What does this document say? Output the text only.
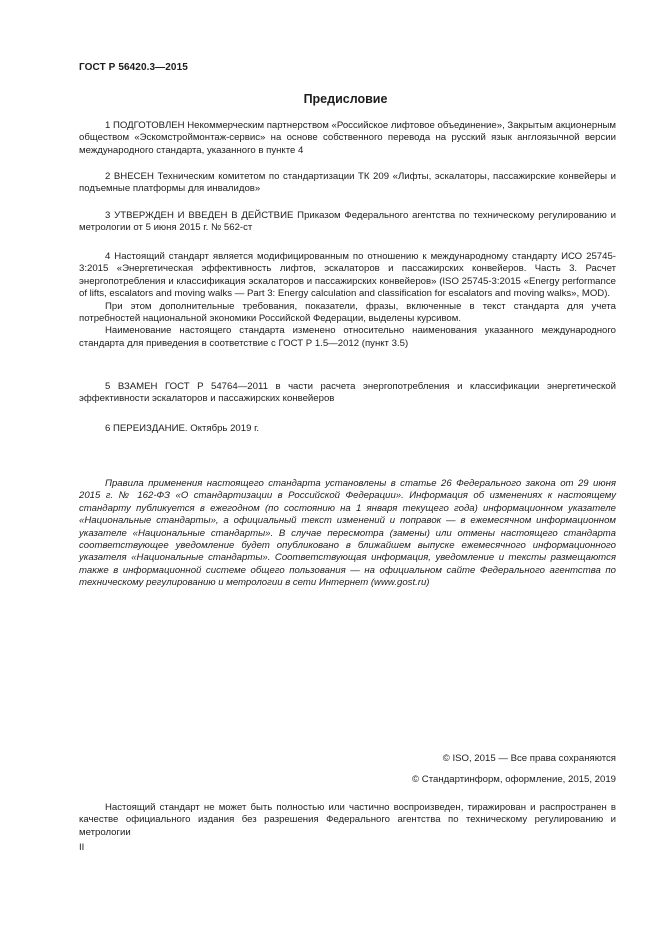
ГОСТ Р 56420.3—2015
Предисловие

1 ПОДГОТОВЛЕН Некоммерческим партнерством «Российское лифтовое объединение», Закрытым акционерным обществом «Эскомстроймонтаж-сервис» на основе собственного перевода на русский язык англоязычной версии международного стандарта, указанного в пункте 4

2 ВНЕСЕН Техническим комитетом по стандартизации ТК 209 «Лифты, эскалаторы, пассажирские конвейеры и подъемные платформы для инвалидов»

3 УТВЕРЖДЕН И ВВЕДЕН В ДЕЙСТВИЕ Приказом Федерального агентства по техническому регулированию и метрологии от 5 июня 2015 г. № 562-ст

4 Настоящий стандарт является модифицированным по отношению к международному стандарту ИСО 25745-3:2015 «Энергетическая эффективность лифтов, эскалаторов и пассажирских конвейеров. Часть 3. Расчет энергопотребления и классификация эскалаторов и пассажирских конвейеров» (ISO 25745-3:2015 «Energy performance of lifts, escalators and moving walks — Part 3: Energy calculation and classification for escalators and moving walks», MOD).

При этом дополнительные требования, показатели, фразы, включенные в текст стандарта для учета потребностей национальной экономики Российской Федерации, выделены курсивом.

Наименование настоящего стандарта изменено относительно наименования указанного международного стандарта для приведения в соответствие с ГОСТ Р 1.5—2012 (пункт 3.5)

5 ВЗАМЕН ГОСТ Р 54764—2011 в части расчета энергопотребления и классификации энергетической эффективности эскалаторов и пассажирских конвейеров

6 ПЕРЕИЗДАНИЕ. Октябрь 2019 г.

Правила применения настоящего стандарта установлены в статье 26 Федерального закона от 29 июня 2015 г. № 162-ФЗ «О стандартизации в Российской Федерации». Информация об изменениях к настоящему стандарту публикуется в ежегодном (по состоянию на 1 января текущего года) информационном указателе «Национальные стандарты», а официальный текст изменений и поправок — в ежемесячном информационном указателе «Национальные стандарты». В случае пересмотра (замены) или отмены настоящего стандарта соответствующее уведомление будет опубликовано в ближайшем выпуске ежемесячного информационного указателя «Национальные стандарты». Соответствующая информация, уведомление и тексты размещаются также в информационной системе общего пользования — на официальном сайте Федерального агентства по техническому регулированию и метрологии в сети Интернет (www.gost.ru)

© ISO, 2015 — Все права сохраняются
© Стандартинформ, оформление, 2015, 2019

Настоящий стандарт не может быть полностью или частично воспроизведен, тиражирован и распространен в качестве официального издания без разрешения Федерального агентства по техническому регулированию и метрологии

II
